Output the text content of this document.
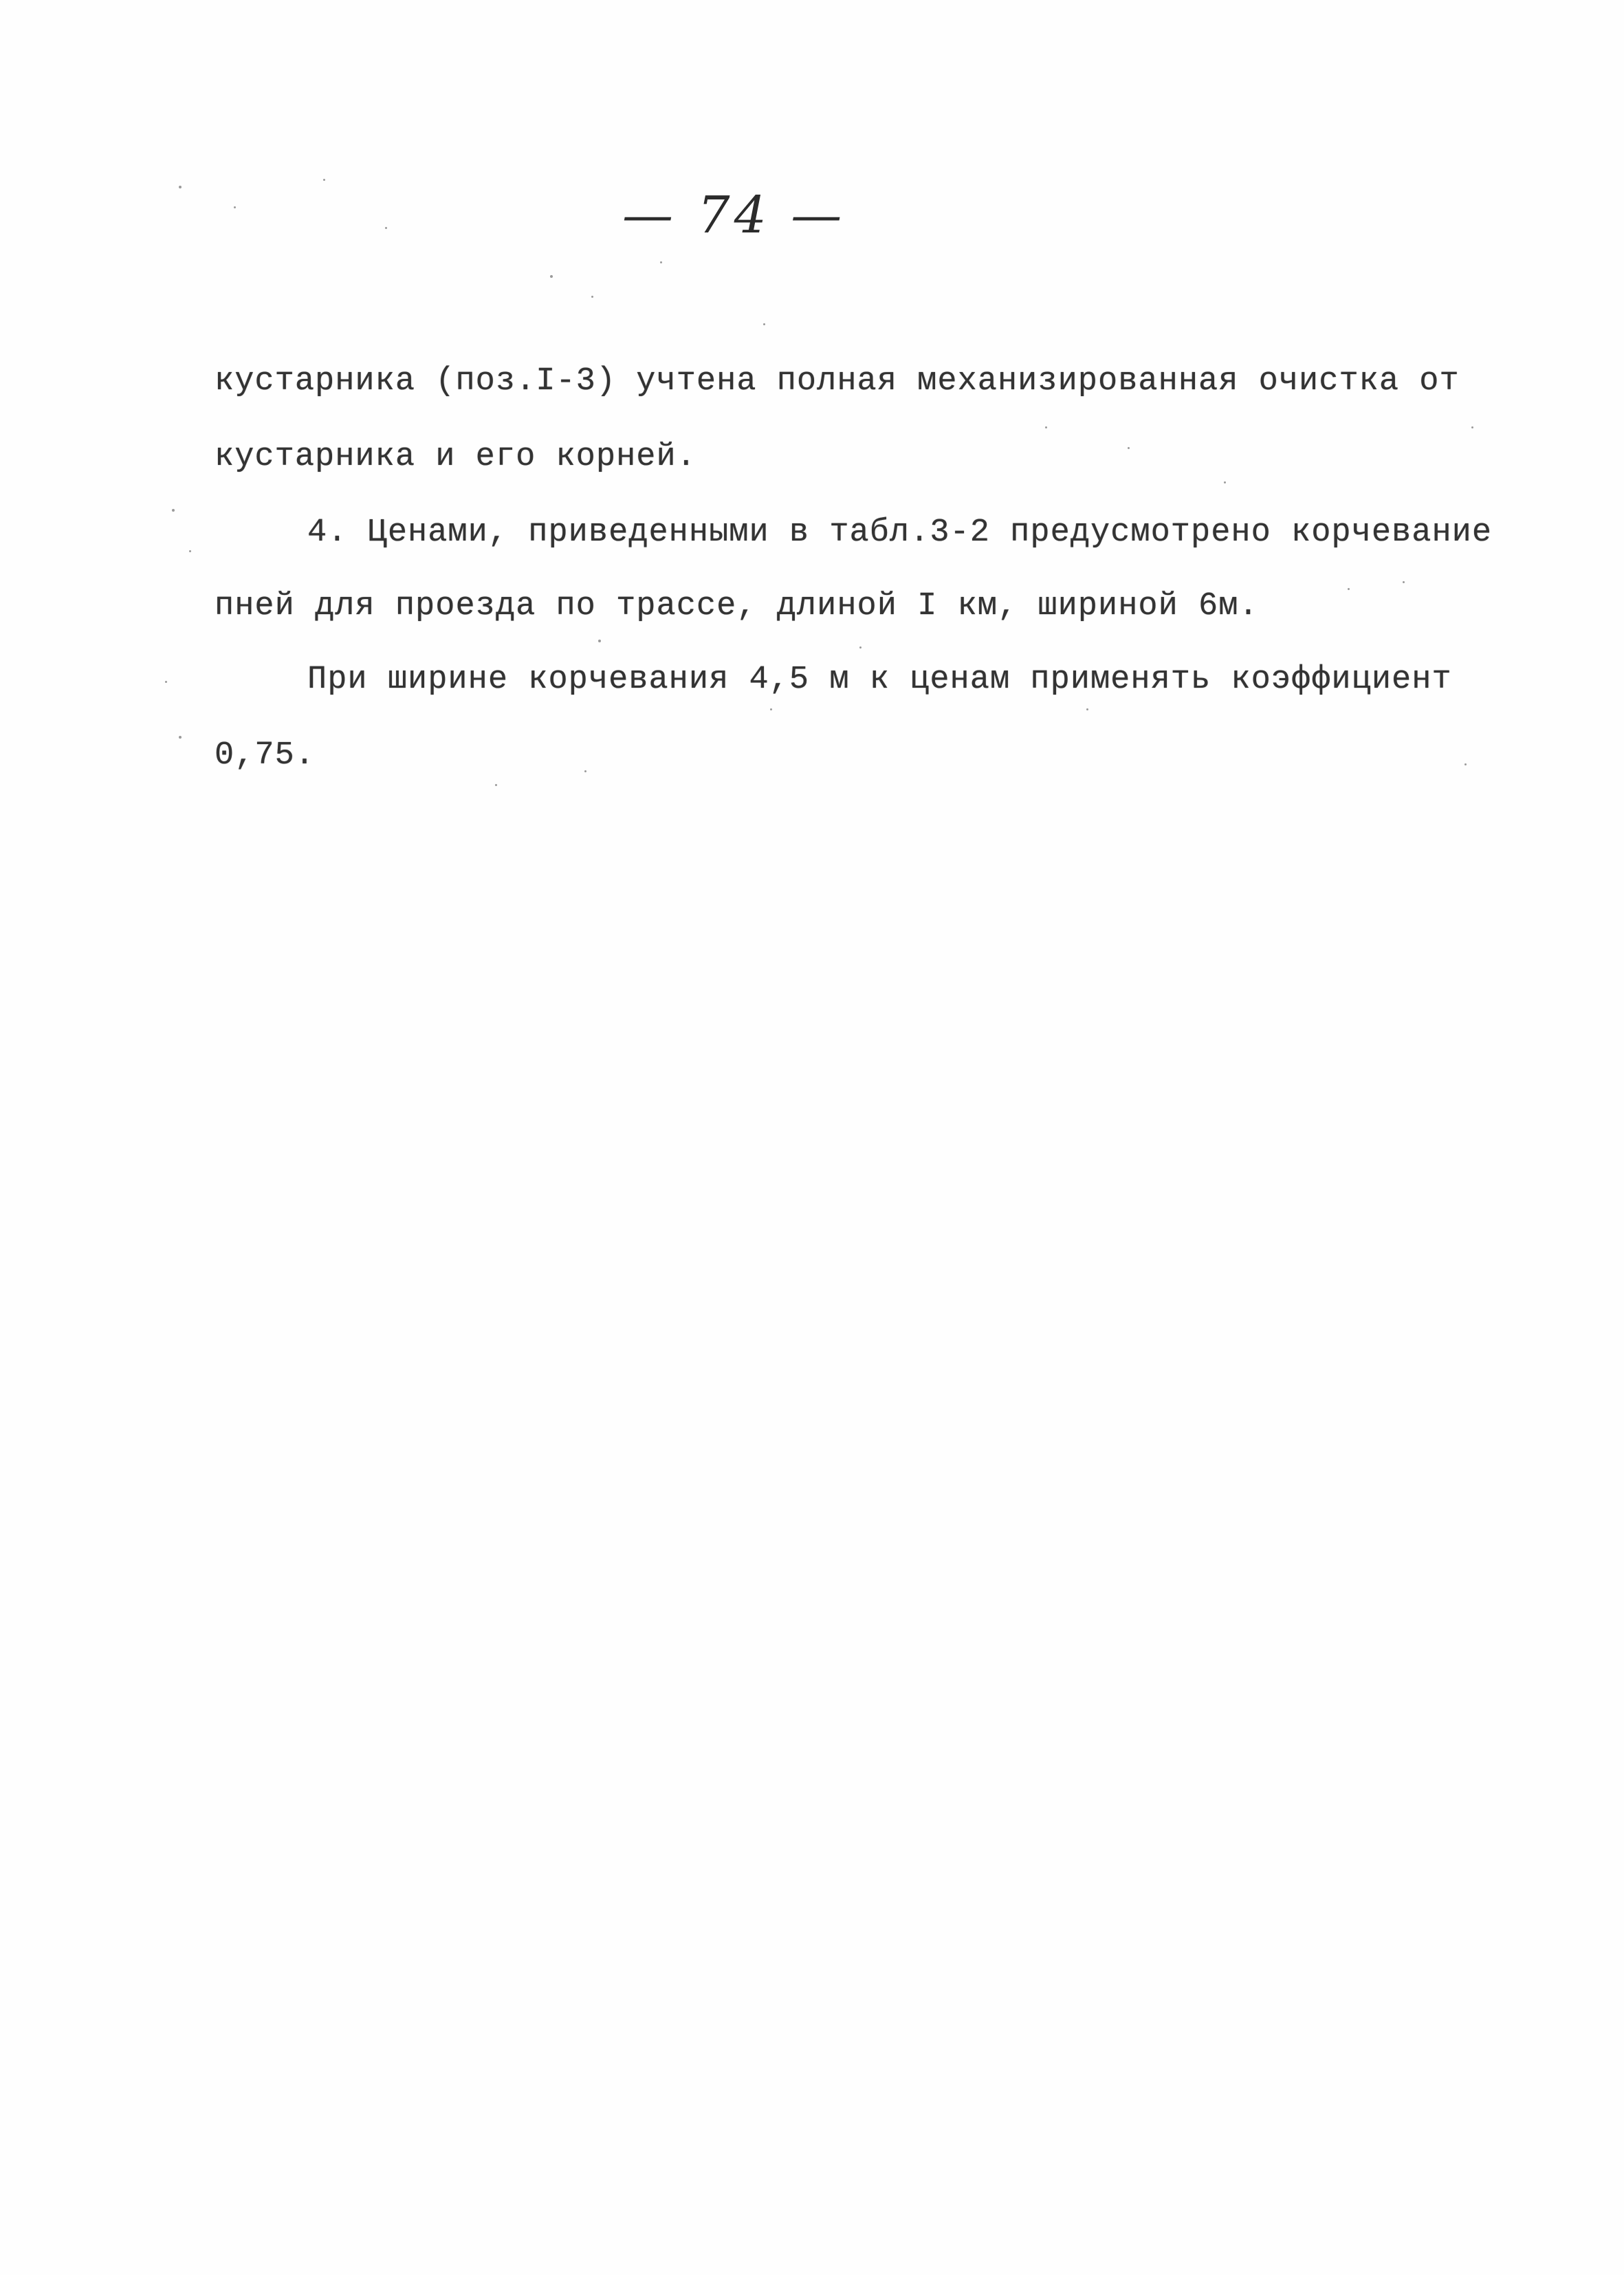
— 74 —
кустарника (поз.I-3) учтена полная механизированная очистка от
кустарника и его корней.
4. Ценами, приведенными в табл.3-2 предусмотрено корчевание
пней для проезда по трассе, длиной I км, шириной 6м.
При ширине корчевания 4,5 м к ценам применять коэффициент
0,75.
